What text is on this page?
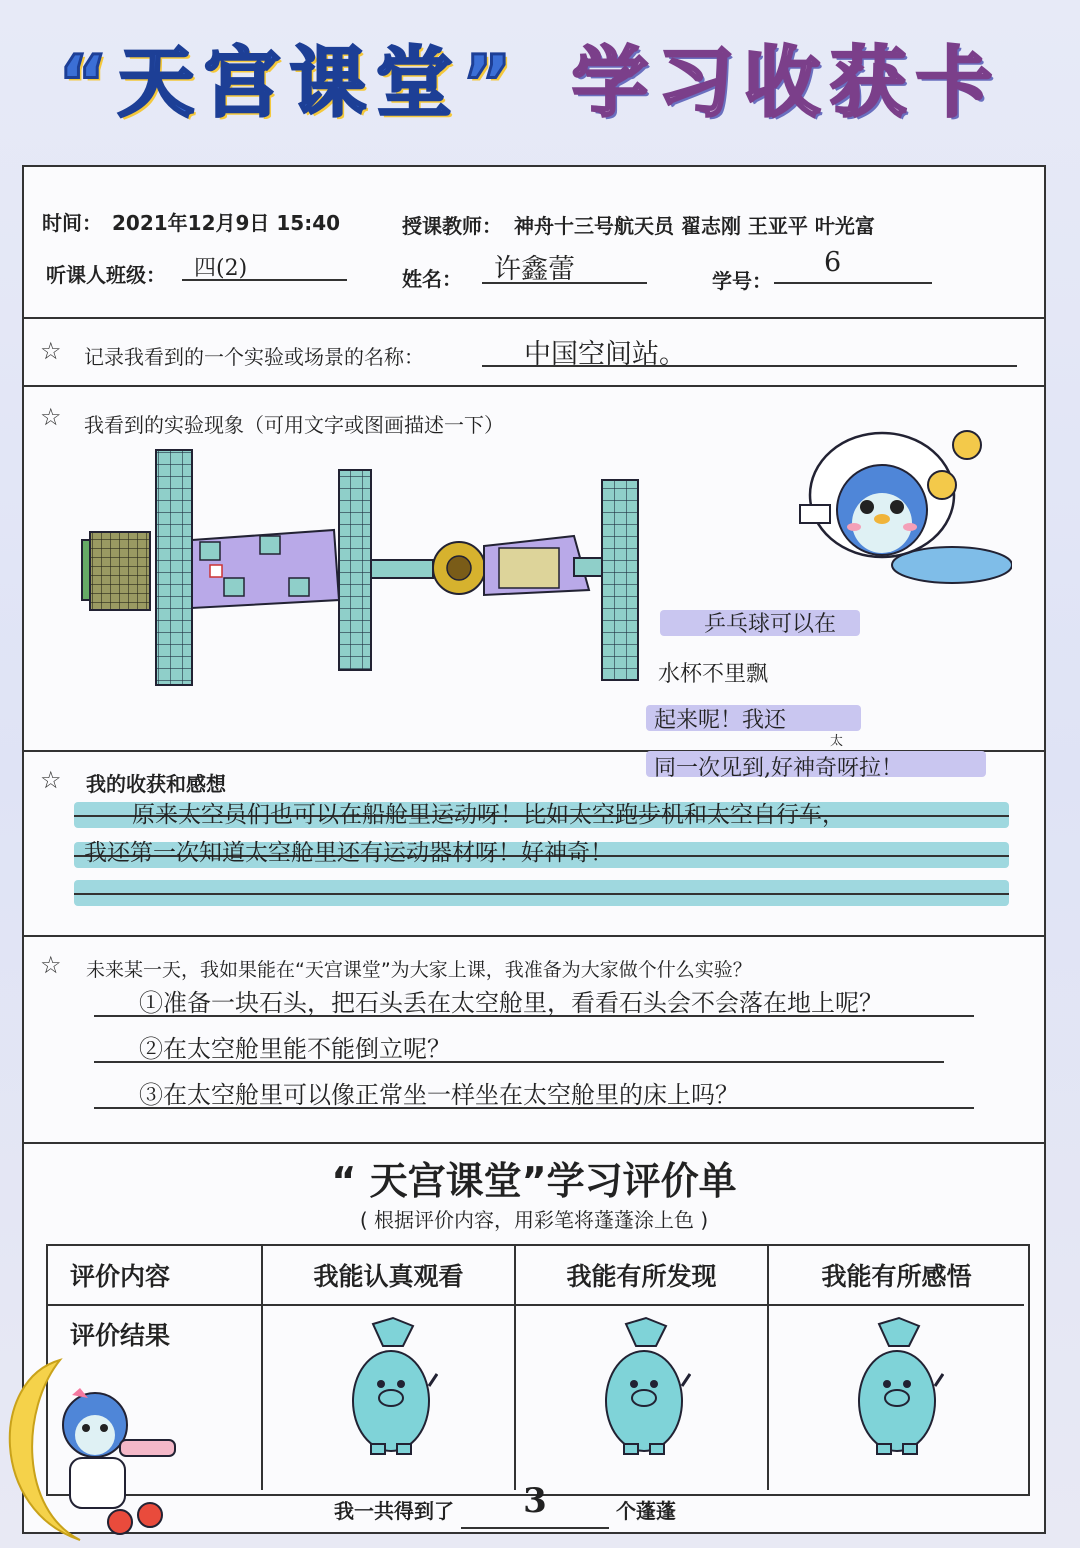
“天宫课堂” 学习收获卡
时间： 2021年12月9日 15:40	授课教师： 神舟十三号航天员 翟志刚 王亚平 叶光富
听课人班级： 四(2)	姓名： 许鑫蕾	学号：
6
☆ 记录我看到的一个实验或场景的名称：	中国空间站。
☆ 我看到的实验现象（可用文字或图画描述一下）
乒乓球可以在
水杯不里飘
起来呢！我还
同一次见到,好神奇呀拉！
太
☆ 我的收获和感想
原来太空员们也可以在船舱里运动呀！比如太空跑步机和太空自行车，
我还第一次知道太空舱里还有运动器材呀！好神奇！
☆ 未来某一天，我如果能在“天宫课堂”为大家上课，我准备为大家做个什么实验？
①准备一块石头，把石头丢在太空舱里，看看石头会不会落在地上呢？
②在太空舱里能不能倒立呢？
③在太空舱里可以像正常坐一样坐在太空舱里的床上吗？
“ 天宫课堂”学习评价单
( 根据评价内容，用彩笔将蓬蓬涂上色 )
评价内容	我能认真观看	我能有所发现	我能有所感悟
评价结果
我一共得到了 3	个蓬蓬
